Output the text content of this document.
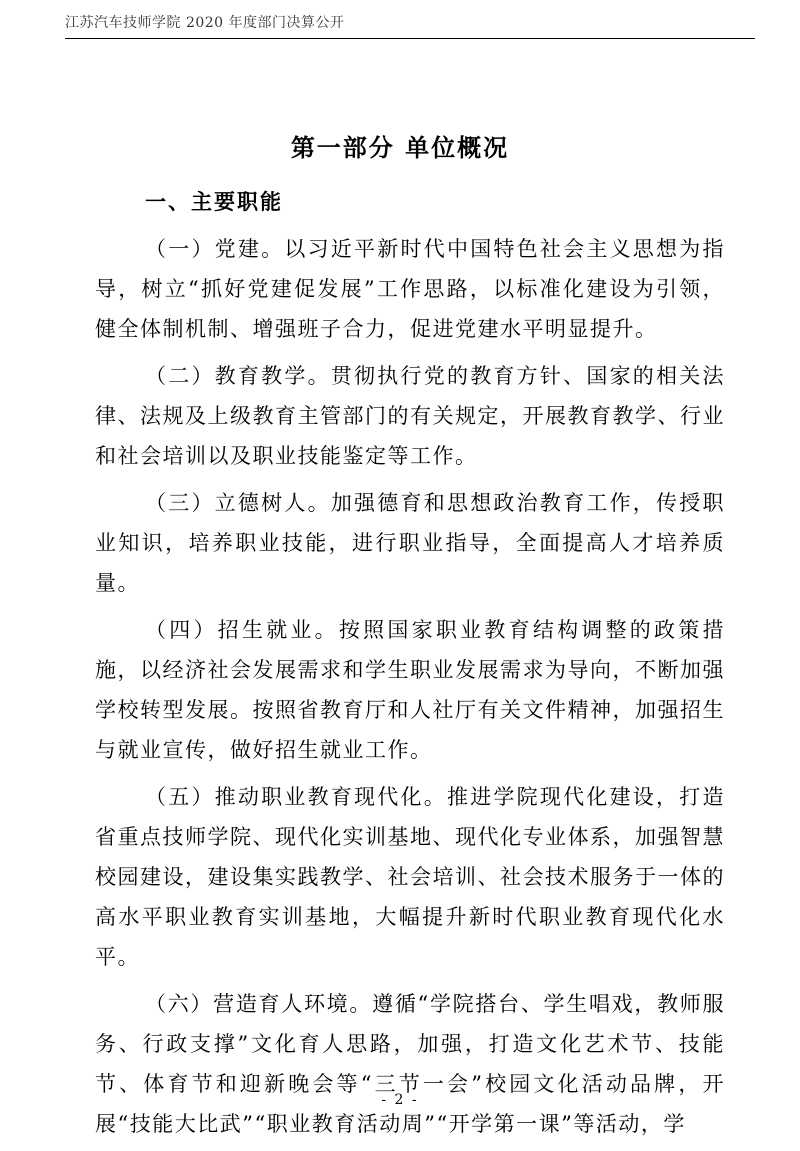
江苏汽车技师学院 2020 年度部门决算公开
第一部分 单位概况
一、主要职能

（一）党建。以习近平新时代中国特色社会主义思想为指导，树立“抓好党建促发展”工作思路，以标准化建设为引领，健全体制机制、增强班子合力，促进党建水平明显提升。

（二）教育教学。贯彻执行党的教育方针、国家的相关法律、法规及上级教育主管部门的有关规定，开展教育教学、行业和社会培训以及职业技能鉴定等工作。

（三）立德树人。加强德育和思想政治教育工作，传授职业知识，培养职业技能，进行职业指导，全面提高人才培养质量。

（四）招生就业。按照国家职业教育结构调整的政策措施，以经济社会发展需求和学生职业发展需求为导向，不断加强学校转型发展。按照省教育厅和人社厅有关文件精神，加强招生与就业宣传，做好招生就业工作。

（五）推动职业教育现代化。推进学院现代化建设，打造省重点技师学院、现代化实训基地、现代化专业体系，加强智慧校园建设，建设集实践教学、社会培训、社会技术服务于一体的高水平职业教育实训基地，大幅提升新时代职业教育现代化水平。

（六）营造育人环境。遵循“学院搭台、学生唱戏，教师服务、行政支撑”文化育人思路，加强，打造文化艺术节、技能节、体育节和迎新晚会等“三节一会”校园文化活动品牌，开展“技能大比武”“职业教育活动周”“开学第一课”等活动，学

- 2 -
